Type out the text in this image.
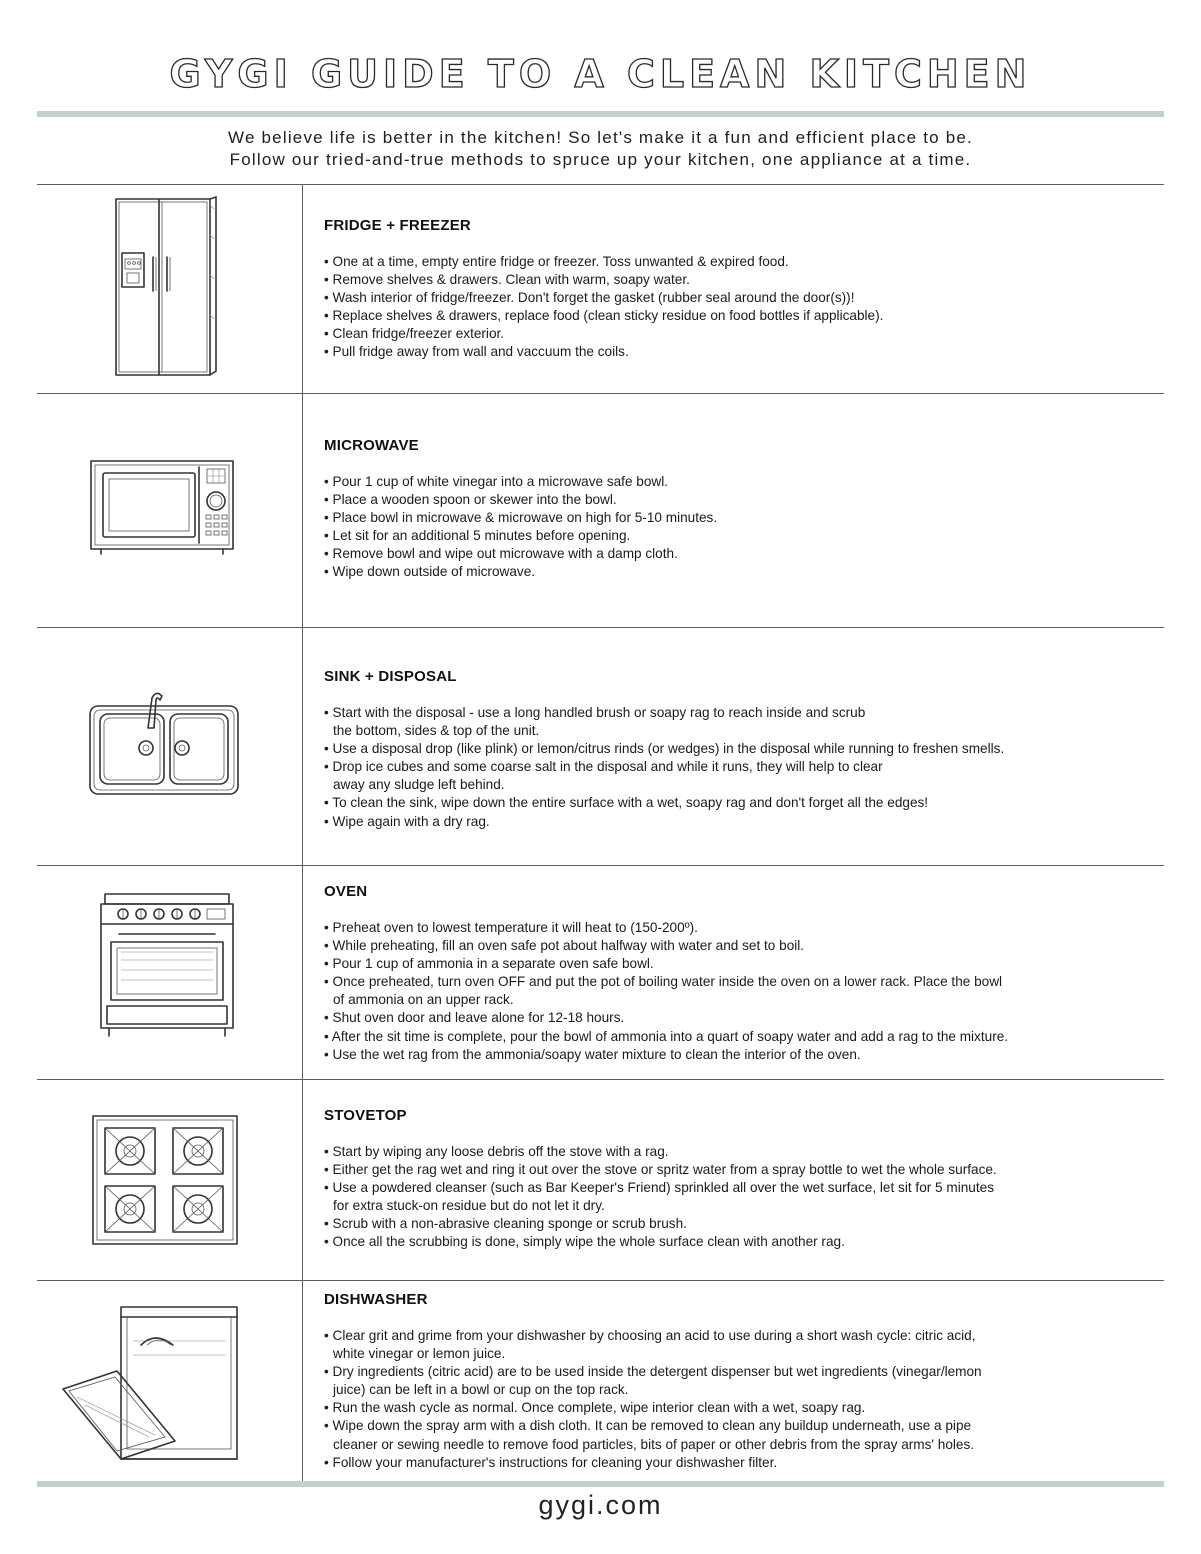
GYGI GUIDE TO A CLEAN KITCHEN
We believe life is better in the kitchen! So let's make it a fun and efficient place to be.
Follow our tried-and-true methods to spruce up your kitchen, one appliance at a time.
FRIDGE + FREEZER
• One at a time, empty entire fridge or freezer. Toss unwanted & expired food.
• Remove shelves & drawers. Clean with warm, soapy water.
• Wash interior of fridge/freezer. Don't forget the gasket (rubber seal around the door(s))!
• Replace shelves & drawers, replace food (clean sticky residue on food bottles if applicable).
• Clean fridge/freezer exterior.
• Pull fridge away from wall and vaccuum the coils.
MICROWAVE
• Pour 1 cup of white vinegar into a microwave safe bowl.
• Place a wooden spoon or skewer into the bowl.
• Place bowl in microwave & microwave on high for 5-10 minutes.
• Let sit for an additional 5 minutes before opening.
• Remove bowl and wipe out microwave with a damp cloth.
• Wipe down outside of microwave.
SINK + DISPOSAL
• Start with the disposal - use a long handled brush or soapy rag to reach inside and scrub
the bottom, sides & top of the unit.
• Use a disposal drop (like plink) or lemon/citrus rinds (or wedges) in the disposal while running to freshen smells.
• Drop ice cubes and some coarse salt in the disposal and while it runs, they will help to clear
away any sludge left behind.
• To clean the sink, wipe down the entire surface with a wet, soapy rag and don't forget all the edges!
• Wipe again with a dry rag.
OVEN
• Preheat oven to lowest temperature it will heat to (150-200º).
• While preheating, fill an oven safe pot about halfway with water and set to boil.
• Pour 1 cup of ammonia in a separate oven safe bowl.
• Once preheated, turn oven OFF and put the pot of boiling water inside the oven on a lower rack. Place the bowl
of ammonia on an upper rack.
• Shut oven door and leave alone for 12-18 hours.
• After the sit time is complete, pour the bowl of ammonia into a quart of soapy water and add a rag to the mixture.
• Use the wet rag from the ammonia/soapy water mixture to clean the interior of the oven.
STOVETOP
• Start by wiping any loose debris off the stove with a rag.
• Either get the rag wet and ring it out over the stove or spritz water from a spray bottle to wet the whole surface.
• Use a powdered cleanser (such as Bar Keeper's Friend) sprinkled all over the wet surface, let sit for 5 minutes
for extra stuck-on residue but do not let it dry.
• Scrub with a non-abrasive cleaning sponge or scrub brush.
• Once all the scrubbing is done, simply wipe the whole surface clean with another rag.
DISHWASHER
• Clear grit and grime from your dishwasher by choosing an acid to use during a short wash cycle: citric acid,
white vinegar or lemon juice.
• Dry ingredients (citric acid) are to be used inside the detergent dispenser but wet ingredients (vinegar/lemon
juice) can be left in a bowl or cup on the top rack.
• Run the wash cycle as normal. Once complete, wipe interior clean with a wet, soapy rag.
• Wipe down the spray arm with a dish cloth. It can be removed to clean any buildup underneath, use a pipe
cleaner or sewing needle to remove food particles, bits of paper or other debris from the spray arms' holes.
• Follow your manufacturer's instructions for cleaning your dishwasher filter.
gygi.com
